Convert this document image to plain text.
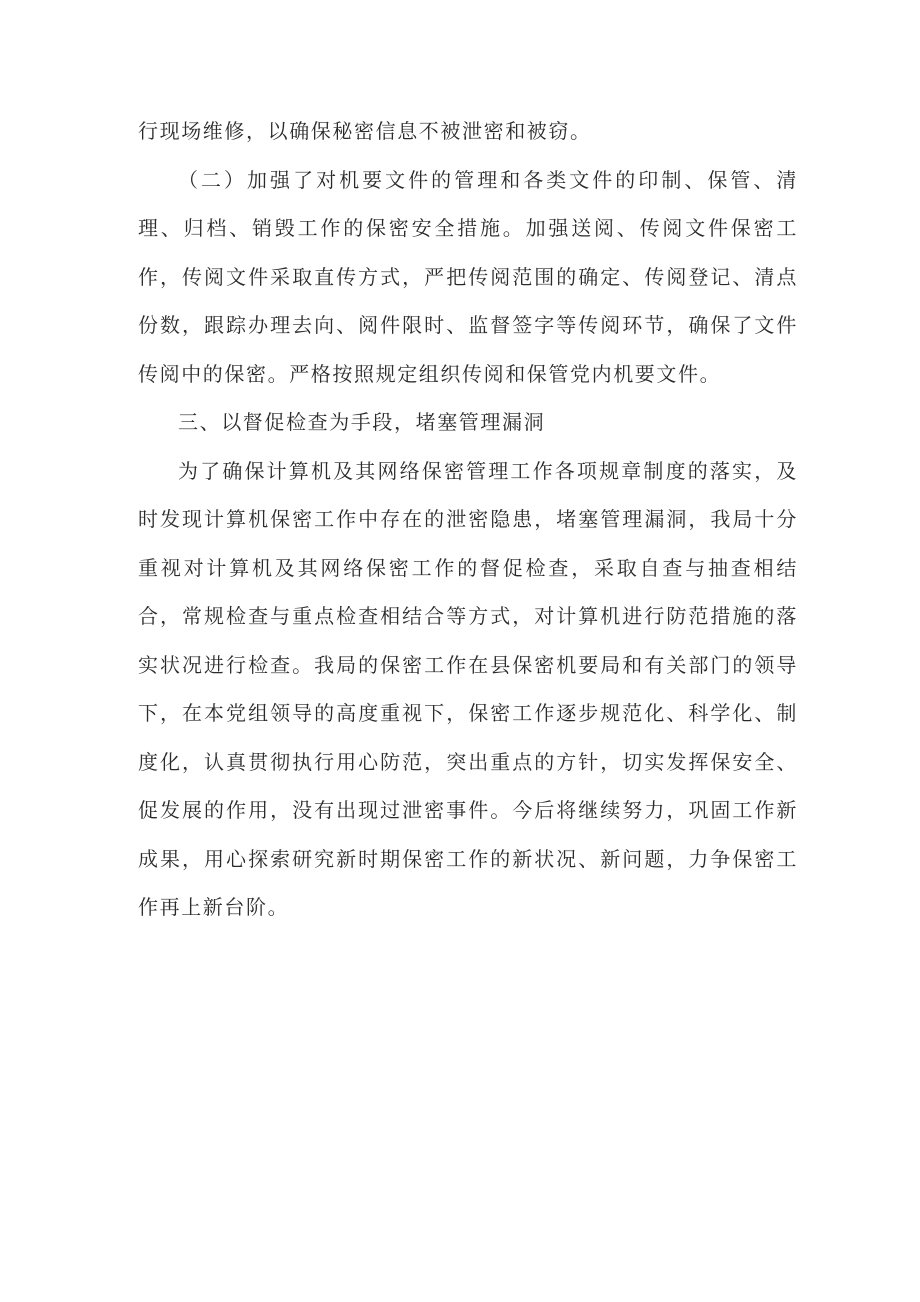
行现场维修，以确保秘密信息不被泄密和被窃。

（二）加强了对机要文件的管理和各类文件的印制、保管、清理、归档、销毁工作的保密安全措施。加强送阅、传阅文件保密工作，传阅文件采取直传方式，严把传阅范围的确定、传阅登记、清点份数，跟踪办理去向、阅件限时、监督签字等传阅环节，确保了文件传阅中的保密。严格按照规定组织传阅和保管党内机要文件。

三、以督促检查为手段，堵塞管理漏洞

为了确保计算机及其网络保密管理工作各项规章制度的落实，及时发现计算机保密工作中存在的泄密隐患，堵塞管理漏洞，我局十分重视对计算机及其网络保密工作的督促检查，采取自查与抽查相结合，常规检查与重点检查相结合等方式，对计算机进行防范措施的落实状况进行检查。我局的保密工作在县保密机要局和有关部门的领导下，在本党组领导的高度重视下，保密工作逐步规范化、科学化、制度化，认真贯彻执行用心防范，突出重点的方针，切实发挥保安全、促发展的作用，没有出现过泄密事件。今后将继续努力，巩固工作新成果，用心探索研究新时期保密工作的新状况、新问题，力争保密工作再上新台阶。
